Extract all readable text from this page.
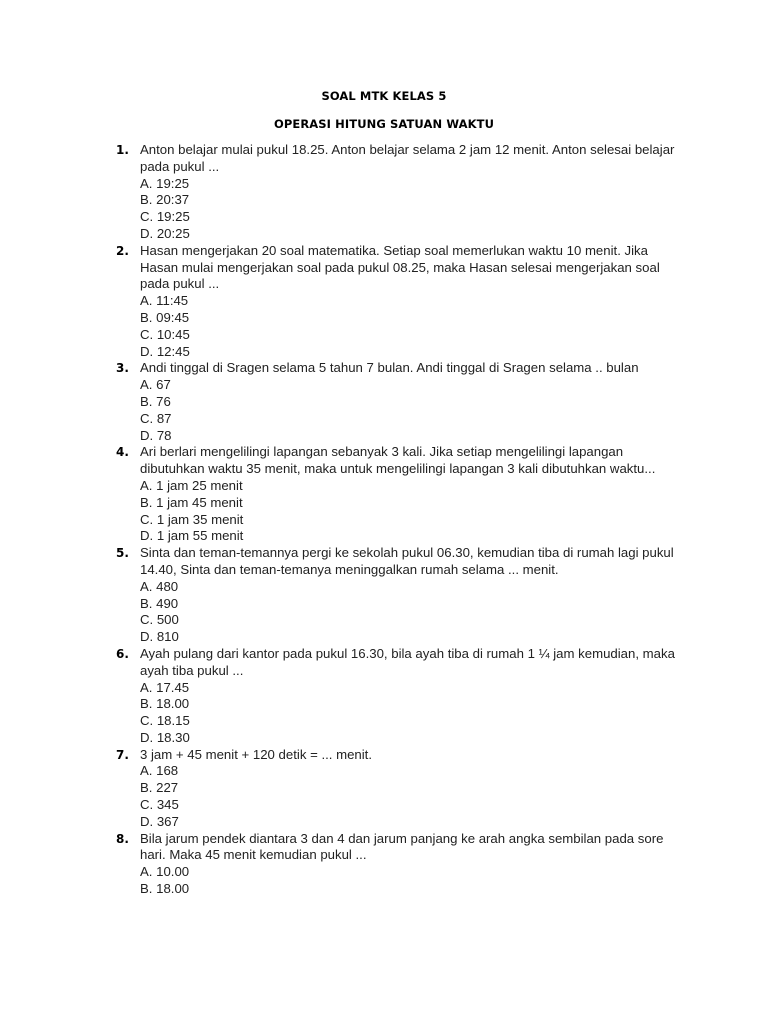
SOAL MTK KELAS 5
OPERASI HITUNG SATUAN WAKTU
1. Anton belajar mulai pukul 18.25. Anton belajar selama 2 jam 12 menit. Anton selesai belajar pada pukul ...
A. 19:25
B. 20:37
C. 19:25
D. 20:25
2. Hasan mengerjakan 20 soal matematika. Setiap soal memerlukan waktu 10 menit. Jika Hasan mulai mengerjakan soal pada pukul 08.25, maka Hasan selesai mengerjakan soal pada pukul ...
A. 11:45
B. 09:45
C. 10:45
D. 12:45
3. Andi tinggal di Sragen selama 5 tahun 7 bulan. Andi tinggal di Sragen selama .. bulan
A. 67
B. 76
C. 87
D. 78
4. Ari berlari mengelilingi lapangan sebanyak 3 kali. Jika setiap mengelilingi lapangan dibutuhkan waktu 35 menit, maka untuk mengelilingi lapangan 3 kali dibutuhkan waktu...
A. 1 jam 25 menit
B. 1 jam 45 menit
C. 1 jam 35 menit
D. 1 jam 55 menit
5. Sinta dan teman-temannya pergi ke sekolah pukul 06.30, kemudian tiba di rumah lagi pukul 14.40, Sinta dan teman-temanya meninggalkan rumah selama ... menit.
A. 480
B. 490
C. 500
D. 810
6. Ayah pulang dari kantor pada pukul 16.30, bila ayah tiba di rumah 1 ¼ jam kemudian, maka ayah tiba pukul ...
A. 17.45
B. 18.00
C. 18.15
D. 18.30
7. 3 jam + 45 menit + 120 detik = ... menit.
A. 168
B. 227
C. 345
D. 367
8. Bila jarum pendek diantara 3 dan 4 dan jarum panjang ke arah angka sembilan pada sore hari. Maka 45 menit kemudian pukul ...
A. 10.00
B. 18.00
